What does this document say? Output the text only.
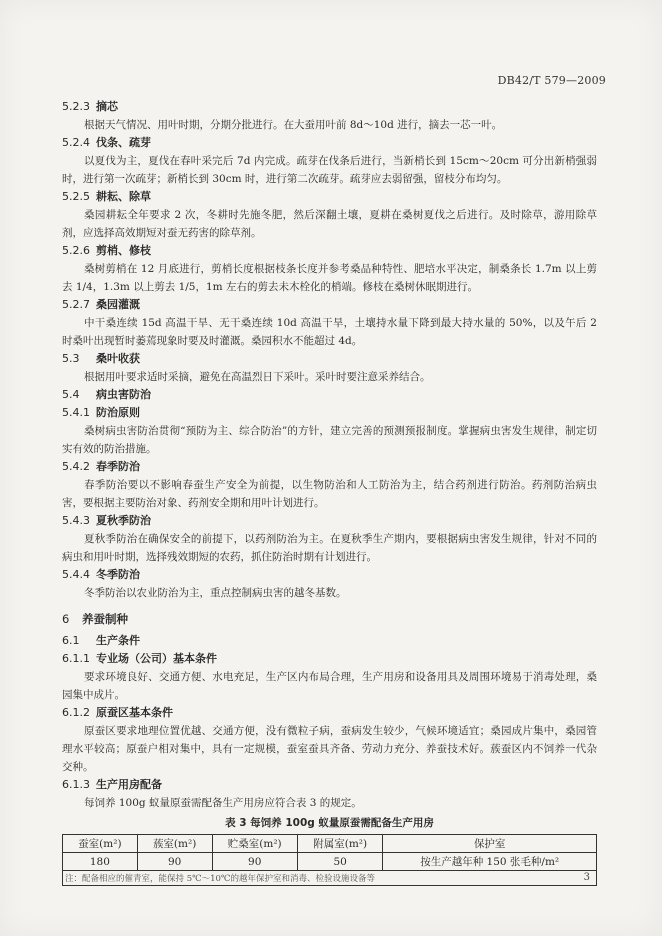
DB42/T 579—2009
5.2.3 摘芯

根据天气情况、用叶时期，分期分批进行。在大蚕用叶前 8d～10d 进行，摘去一芯一叶。

5.2.4 伐条、疏芽

以夏伐为主，夏伐在春叶采完后 7d 内完成。疏芽在伐条后进行，当新梢长到 15cm～20cm 可分出新梢强弱时，进行第一次疏芽；新梢长到 30cm 时，进行第二次疏芽。疏芽应去弱留强，留枝分布均匀。

5.2.5 耕耘、除草

桑园耕耘全年要求 2 次，冬耕时先施冬肥，然后深翻土壤，夏耕在桑树夏伐之后进行。及时除草，游用除草剂，应选择高效期短对蚕无药害的除草剂。

5.2.6 剪梢、修枝

桑树剪梢在 12 月底进行，剪梢长度根据枝条长度并参考桑品种特性、肥培水平决定，制桑条长 1.7m 以上剪去 1/4，1.3m 以上剪去 1/5，1m 左右的剪去未木栓化的梢端。修枝在桑树休眠期进行。

5.2.7 桑园灌溉

中干桑连续 15d 高温干旱、无干桑连续 10d 高温干旱，土壤持水量下降到最大持水量的 50%，以及午后 2 时桑叶出现暂时萎蔫现象时要及时灌溉。桑园积水不能超过 4d。

5.3 桑叶收获

根据用叶要求适时采摘，避免在高温烈日下采叶。采叶时要注意采养结合。

5.4 病虫害防治
5.4.1 防治原则

桑树病虫害防治贯彻“预防为主、综合防治”的方针，建立完善的预测预报制度。掌握病虫害发生规律，制定切实有效的防治措施。

5.4.2 春季防治

春季防治要以不影响春蚕生产安全为前提，以生物防治和人工防治为主，结合药剂进行防治。药剂防治病虫害，要根据主要防治对象、药剂安全期和用叶计划进行。

5.4.3 夏秋季防治

夏秋季防治在确保安全的前提下，以药剂防治为主。在夏秋季生产期内，要根据病虫害发生规律，针对不同的病虫和用叶时期，选择残效期短的农药，抓住防治时期有计划进行。

5.4.4 冬季防治

冬季防治以农业防治为主，重点控制病虫害的越冬基数。

6 养蚕制种
6.1 生产条件
6.1.1 专业场（公司）基本条件

要求环境良好、交通方便、水电充足，生产区内布局合理，生产用房和设备用具及周围环境易于消毒处理，桑园集中成片。

6.1.2 原蚕区基本条件

原蚕区要求地理位置优越、交通方便，没有微粒子病，蚕病发生较少，气候环境适宜；桑园成片集中，桑园管理水平较高；原蚕户相对集中，具有一定规模，蚕室蚕具齐备、劳动力充分、养蚕技术好。蔟蚕区内不饲养一代杂交种。

6.1.3 生产用房配备

每饲养 100g 蚁量原蚕需配备生产用房应符合表 3 的规定。

表 3 每饲养 100g 蚁量原蚕需配备生产用房
蚕室(m²)	蔟室(m²)	贮桑室(m²)	附属室(m²)	保护室
180	90	90	50	按生产越年种 150 张毛种/m²
注：配备相应的催青室，能保持 5℃～10℃的越年保护室和消毒、检验设施设备等					3
